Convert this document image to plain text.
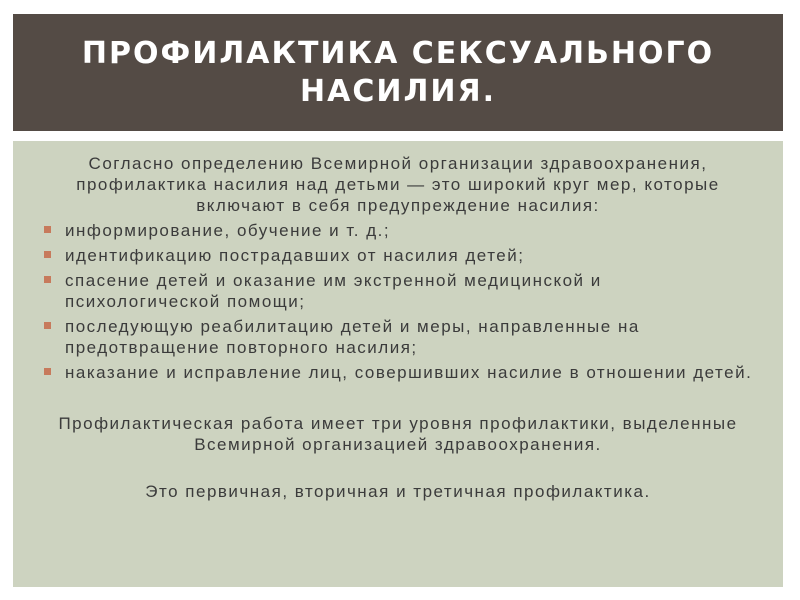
ПРОФИЛАКТИКА СЕКСУАЛЬНОГО НАСИЛИЯ.

Согласно определению Всемирной организации здравоохранения, профилактика насилия над детьми — это широкий круг мер, которые включают в себя предупреждение насилия:

информирование, обучение и т. д.;
идентификацию пострадавших от насилия детей;
спасение детей и оказание им экстренной медицинской и психологической помощи;
последующую реабилитацию детей и меры, направленные на предотвращение повторного насилия;
наказание и исправление лиц, совершивших насилие в отношении детей.

Профилактическая работа имеет три уровня профилактики, выделенные Всемирной организацией здравоохранения.

Это первичная, вторичная и третичная профилактика.
